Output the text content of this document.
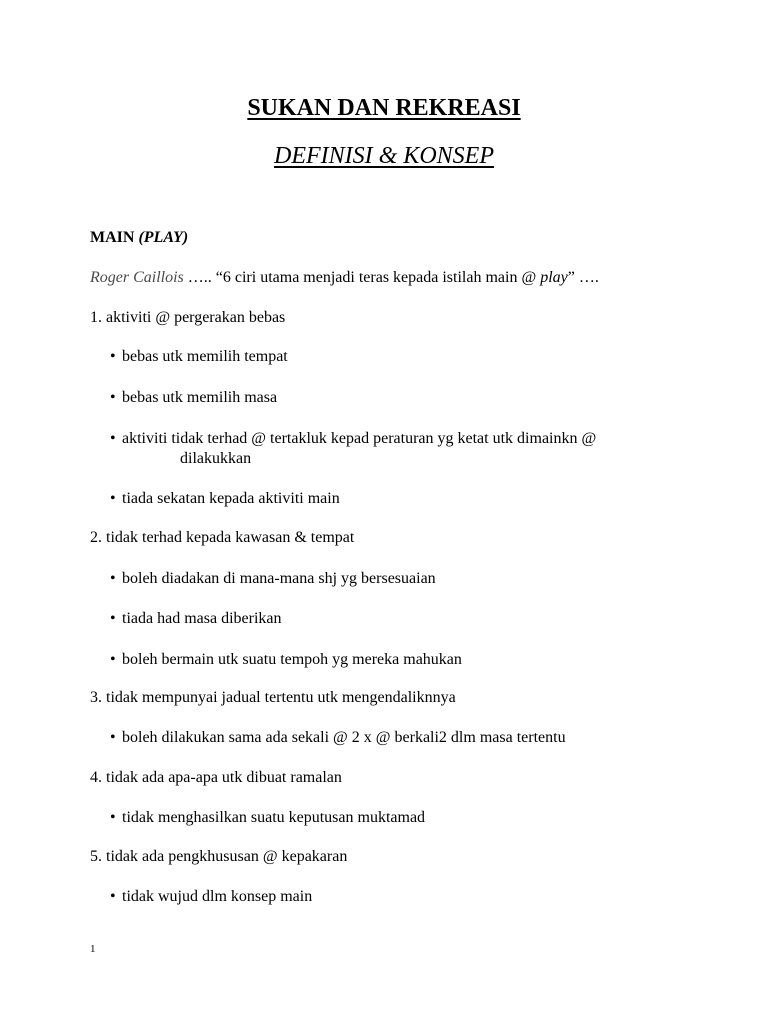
SUKAN DAN REKREASI
DEFINISI & KONSEP
MAIN (PLAY)
Roger Caillois ….. “6 ciri utama menjadi teras kepada istilah main @ play” ….
1. aktiviti @ pergerakan bebas
• bebas utk memilih tempat
• bebas utk memilih masa
• aktiviti tidak terhad @ tertakluk kepad peraturan yg ketat utk dimainkn @
dilakukkan
• tiada sekatan kepada aktiviti main
2. tidak terhad kepada kawasan & tempat
• boleh diadakan di mana-mana shj yg bersesuaian
• tiada had masa diberikan
• boleh bermain utk suatu tempoh yg mereka mahukan
3. tidak mempunyai jadual tertentu utk mengendaliknnya
• boleh dilakukan sama ada sekali @ 2 x @ berkali2 dlm masa tertentu
4. tidak ada apa-apa utk dibuat ramalan
• tidak menghasilkan suatu keputusan muktamad
5. tidak ada pengkhususan @ kepakaran
• tidak wujud dlm konsep main
1
